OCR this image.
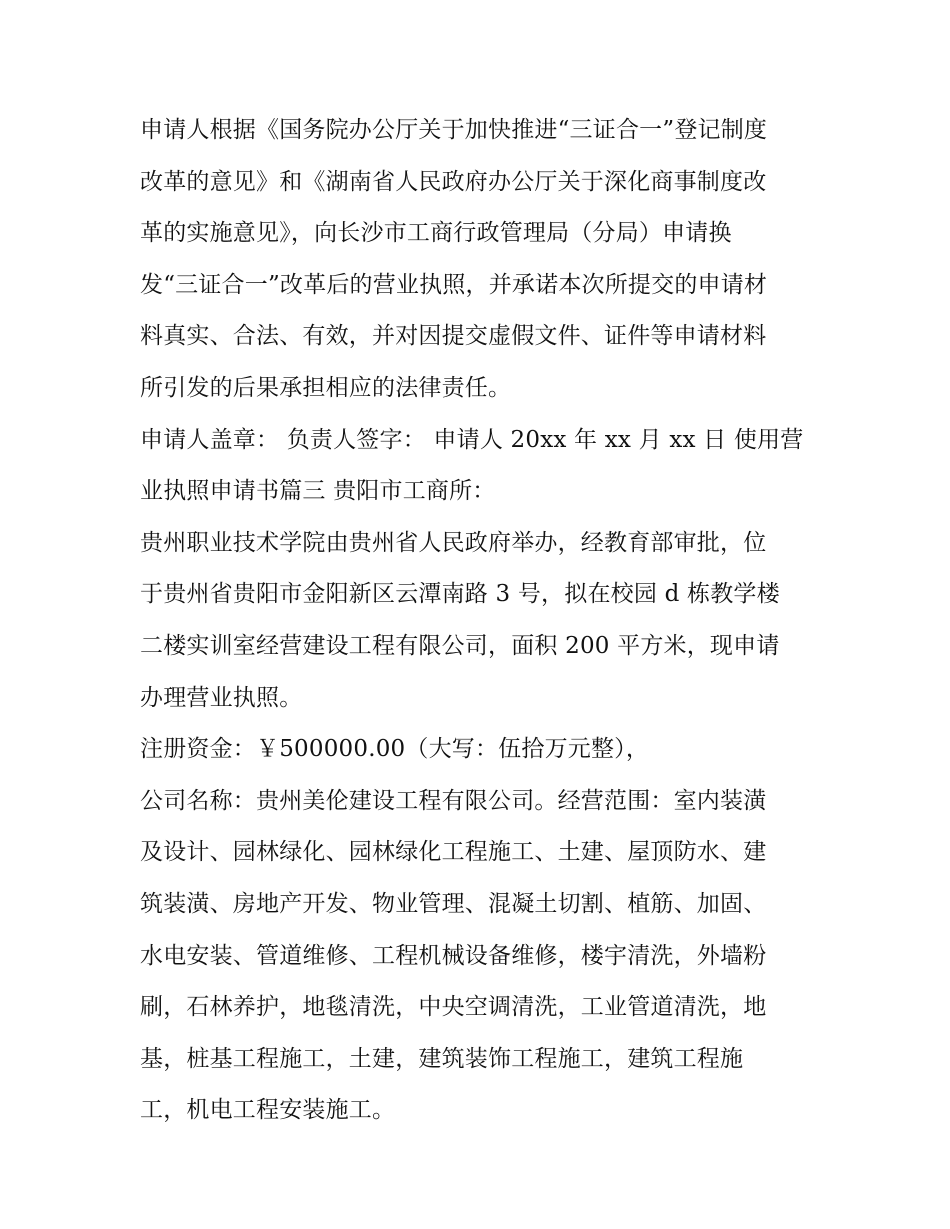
申请人根据《国务院办公厅关于加快推进“三证合一”登记制度
改革的意见》和《湖南省人民政府办公厅关于深化商事制度改
革的实施意见》，向长沙市工商行政管理局（分局）申请换
发“三证合一”改革后的营业执照，并承诺本次所提交的申请材
料真实、合法、有效，并对因提交虚假文件、证件等申请材料
所引发的后果承担相应的法律责任。
申请人盖章： 负责人签字： 申请人 20xx 年 xx 月 xx 日 使用营
业执照申请书篇三 贵阳市工商所：
贵州职业技术学院由贵州省人民政府举办，经教育部审批，位
于贵州省贵阳市金阳新区云潭南路 3 号，拟在校园 d 栋教学楼
二楼实训室经营建设工程有限公司，面积 200 平方米，现申请
办理营业执照。
注册资金：￥500000.00（大写：伍拾万元整），
公司名称：贵州美伦建设工程有限公司。经营范围：室内装潢
及设计、园林绿化、园林绿化工程施工、土建、屋顶防水、建
筑装潢、房地产开发、物业管理、混凝土切割、植筋、加固、
水电安装、管道维修、工程机械设备维修，楼宇清洗，外墙粉
刷，石林养护，地毯清洗，中央空调清洗，工业管道清洗，地
基，桩基工程施工，土建，建筑装饰工程施工，建筑工程施
工，机电工程安装施工。
